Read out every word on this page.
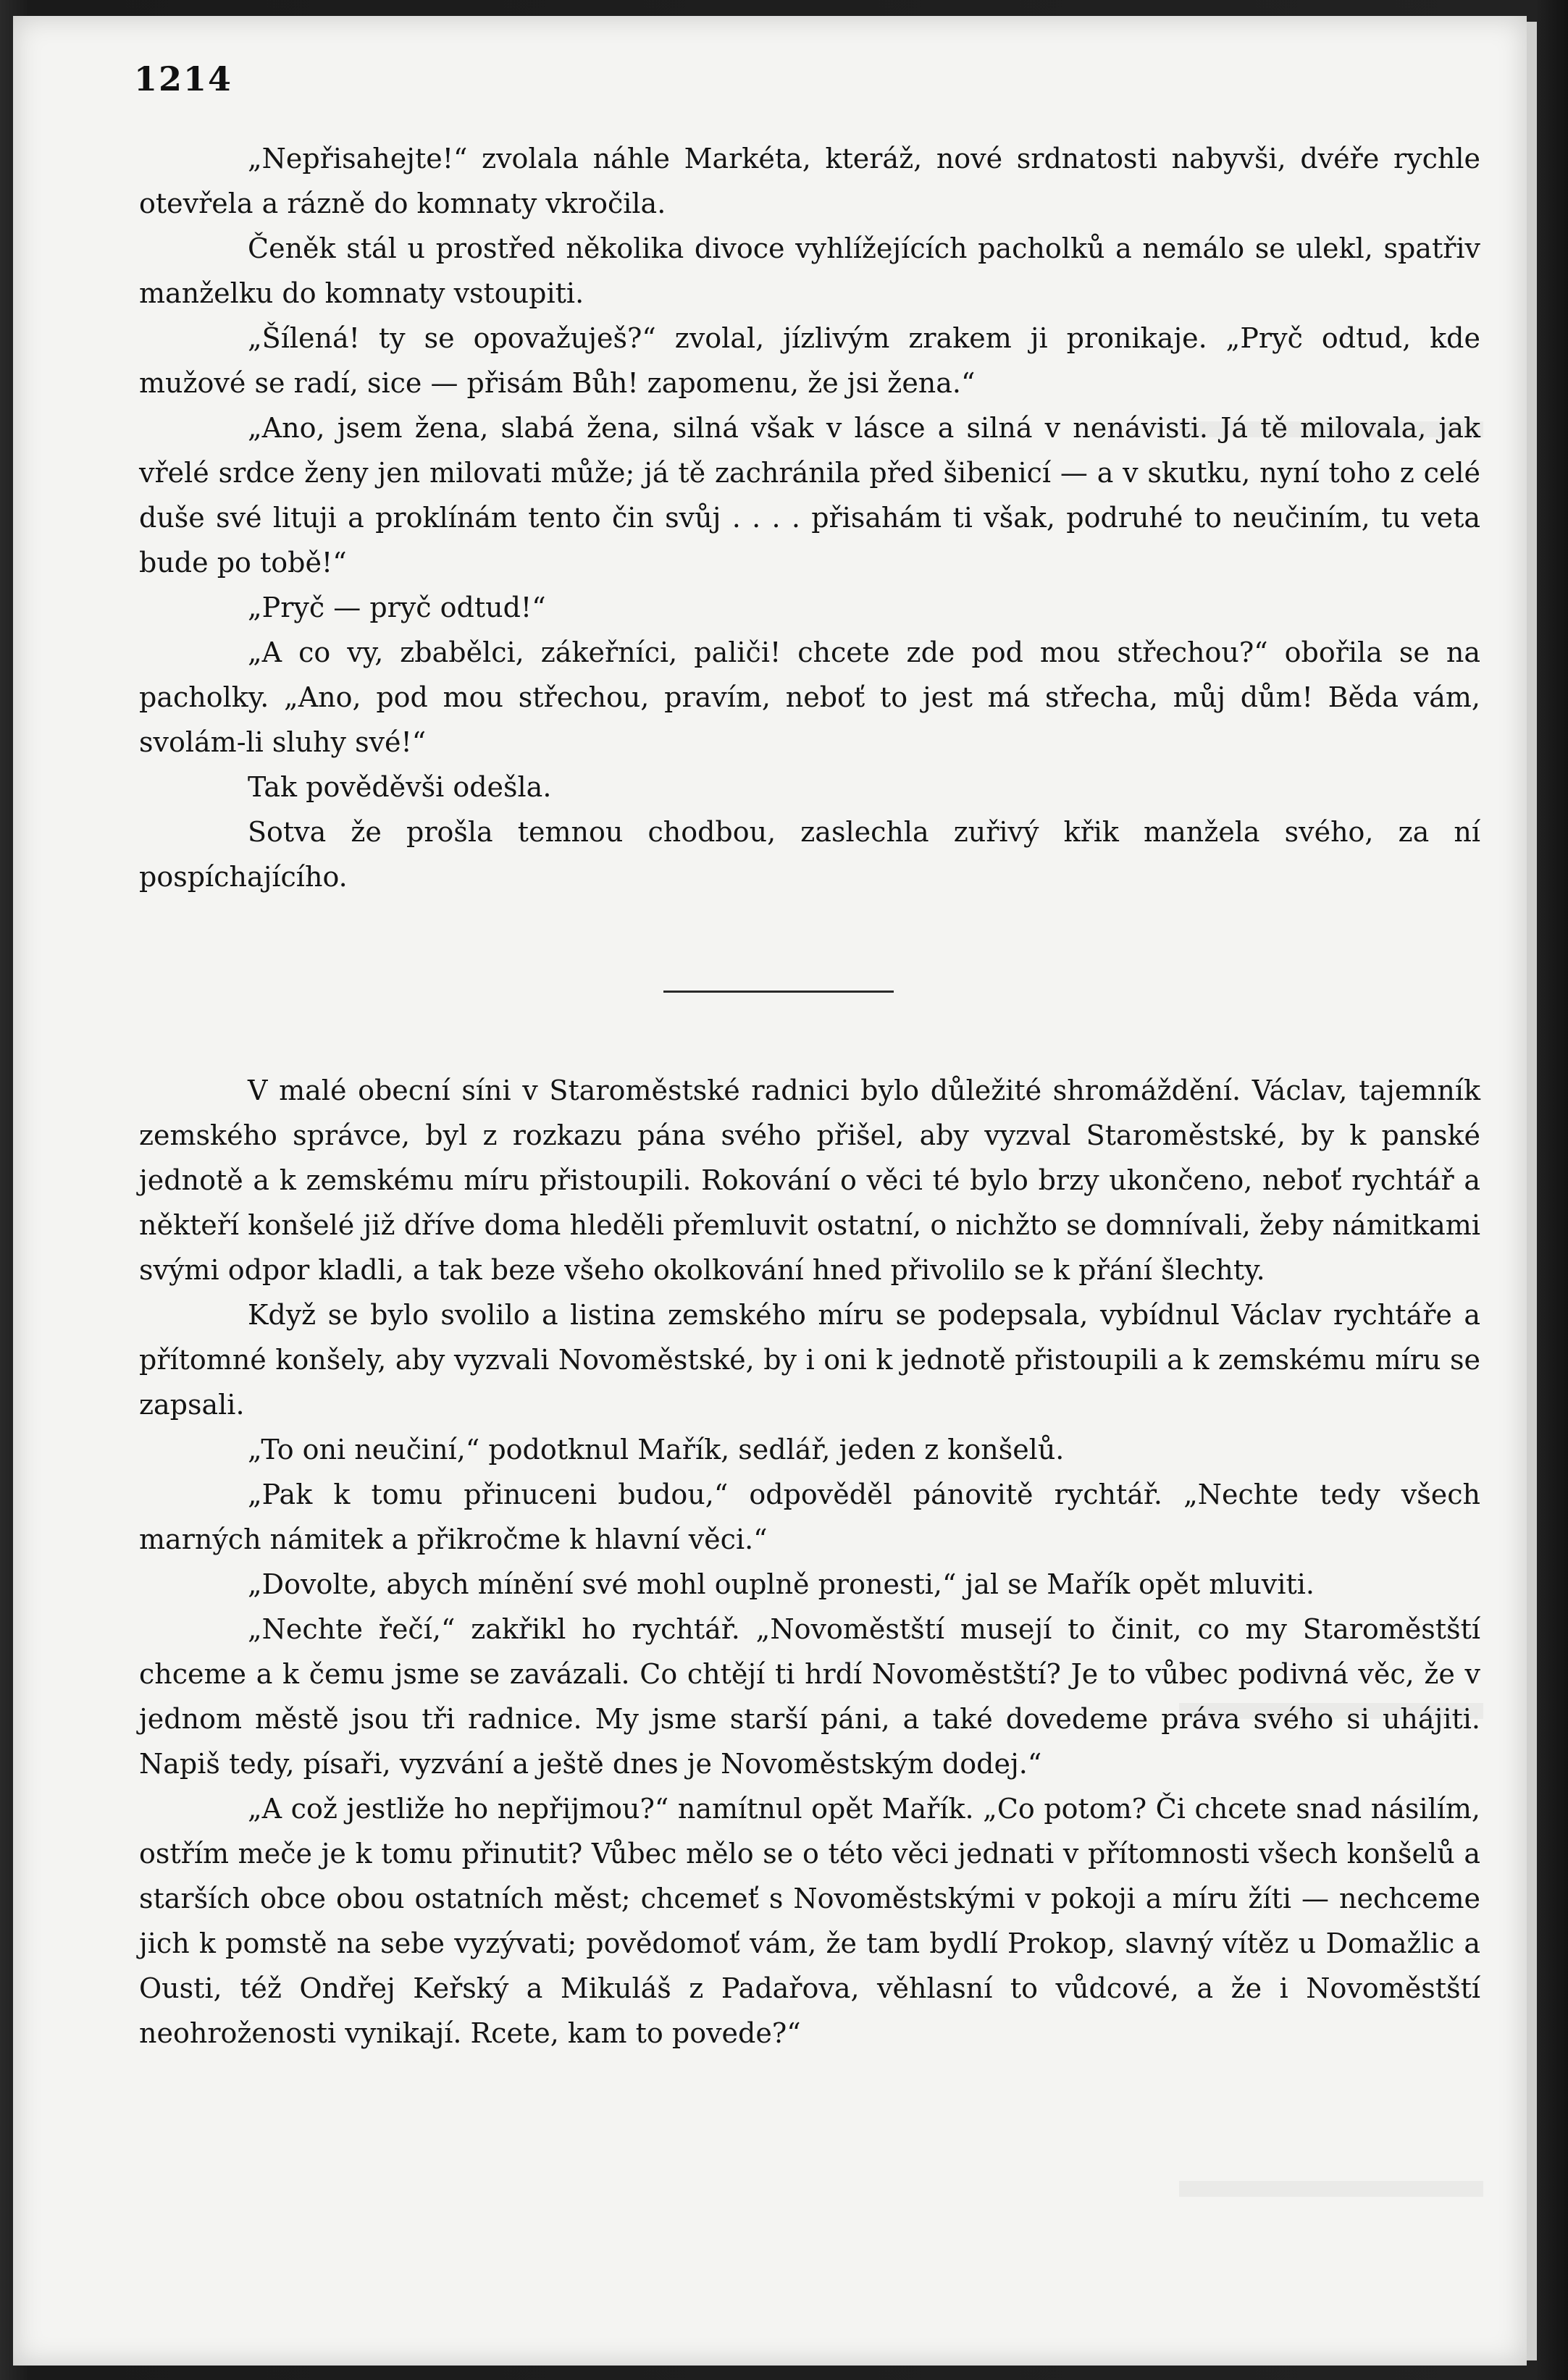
1214

„Nepřisahejte!“ zvolala náhle Markéta, kteráž, nové srdnatosti nabyvši, dvéře rychle otevřela a rázně do komnaty vkročila.

Čeněk stál u prostřed několika divoce vyhlížejících pacholků a nemálo se ulekl, spatřiv manželku do komnaty vstoupiti.

„Šílená! ty se opovažuješ?“ zvolal, jízlivým zrakem ji pronikaje. „Pryč odtud, kde mužové se radí, sice — přisám Bůh! zapomenu, že jsi žena.“

„Ano, jsem žena, slabá žena, silná však v lásce a silná v nenávisti. Já tě milovala, jak vřelé srdce ženy jen milovati může; já tě zachránila před šibenicí — a v skutku, nyní toho z celé duše své lituji a proklínám tento čin svůj . . . . přisahám ti však, podruhé to neučiním, tu veta bude po tobě!“

„Pryč — pryč odtud!“

„A co vy, zbabělci, zákeřníci, paliči! chcete zde pod mou střechou?“ obořila se na pacholky. „Ano, pod mou střechou, pravím, neboť to jest má střecha, můj dům! Běda vám, svolám-li sluhy své!“

Tak pověděvši odešla.

Sotva že prošla temnou chodbou, zaslechla zuřivý křik manžela svého, za ní pospíchajícího.

V malé obecní síni v Staroměstské radnici bylo důležité shromáždění. Václav, tajemník zemského správce, byl z rozkazu pána svého přišel, aby vyzval Staroměstské, by k panské jednotě a k zemskému míru přistoupili. Rokování o věci té bylo brzy ukončeno, neboť rychtář a někteří konšelé již dříve doma hleděli přemluvit ostatní, o nichžto se domnívali, žeby námitkami svými odpor kladli, a tak beze všeho okolkování hned přivolilo se k přání šlechty.

Když se bylo svolilo a listina zemského míru se podepsala, vybídnul Václav rychtáře a přítomné konšely, aby vyzvali Novoměstské, by i oni k jednotě přistoupili a k zemskému míru se zapsali.

„To oni neučiní,“ podotknul Mařík, sedlář, jeden z konšelů.

„Pak k tomu přinuceni budou,“ odpověděl pánovitě rychtář. „Nechte tedy všech marných námitek a přikročme k hlavní věci.“

„Dovolte, abych mínění své mohl ouplně pronesti,“ jal se Mařík opět mluviti.

„Nechte řečí,“ zakřikl ho rychtář. „Novoměstští musejí to činit, co my Staroměstští chceme a k čemu jsme se zavázali. Co chtějí ti hrdí Novoměstští? Je to vůbec podivná věc, že v jednom městě jsou tři radnice. My jsme starší páni, a také dovedeme práva svého si uhájiti. Napiš tedy, písaři, vyzvání a ještě dnes je Novoměstským dodej.“

„A což jestliže ho nepřijmou?“ namítnul opět Mařík. „Co potom? Či chcete snad násilím, ostřím meče je k tomu přinutit? Vůbec mělo se o této věci jednati v přítomnosti všech konšelů a starších obce obou ostatních měst; chcemeť s Novoměstskými v pokoji a míru žíti — nechceme jich k pomstě na sebe vyzývati; povědomoť vám, že tam bydlí Prokop, slavný vítěz u Domažlic a Ousti, též Ondřej Keřský a Mikuláš z Padařova, věhlasní to vůdcové, a že i Novoměstští neohroženosti vynikají. Rcete, kam to povede?“
